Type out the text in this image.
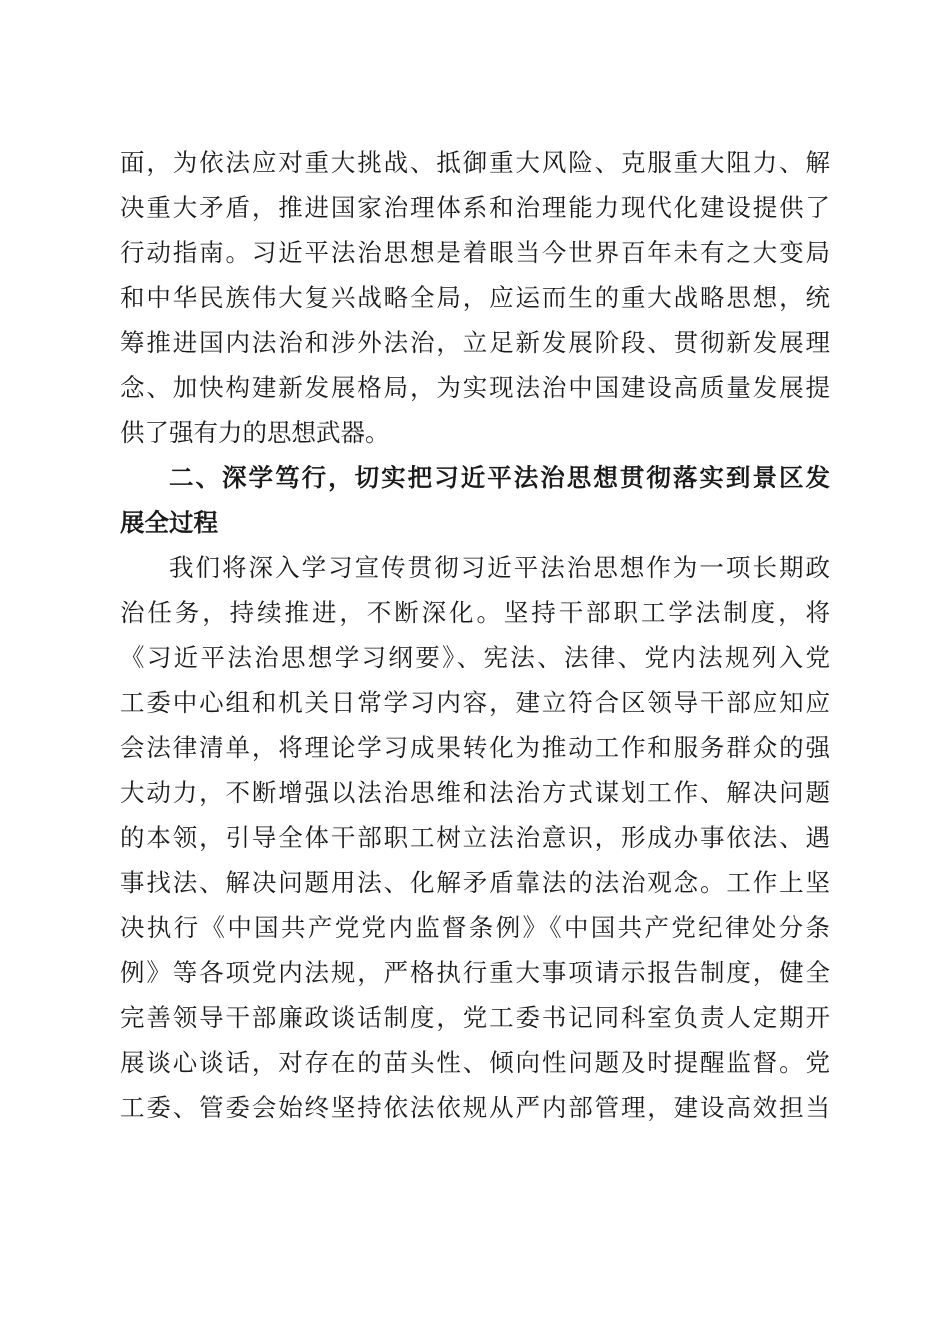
面，为依法应对重大挑战、抵御重大风险、克服重大阻力、解
决重大矛盾，推进国家治理体系和治理能力现代化建设提供了
行动指南。习近平法治思想是着眼当今世界百年未有之大变局
和中华民族伟大复兴战略全局，应运而生的重大战略思想，统
筹推进国内法治和涉外法治，立足新发展阶段、贯彻新发展理
念、加快构建新发展格局，为实现法治中国建设高质量发展提
供了强有力的思想武器。
二、深学笃行，切实把习近平法治思想贯彻落实到景区发
展全过程
我们将深入学习宣传贯彻习近平法治思想作为一项长期政
治任务，持续推进，不断深化。坚持干部职工学法制度，将
《习近平法治思想学习纲要》、宪法、法律、党内法规列入党
工委中心组和机关日常学习内容，建立符合区领导干部应知应
会法律清单，将理论学习成果转化为推动工作和服务群众的强
大动力，不断增强以法治思维和法治方式谋划工作、解决问题
的本领，引导全体干部职工树立法治意识，形成办事依法、遇
事找法、解决问题用法、化解矛盾靠法的法治观念。工作上坚
决执行《中国共产党党内监督条例》《中国共产党纪律处分条
例》等各项党内法规，严格执行重大事项请示报告制度，健全
完善领导干部廉政谈话制度，党工委书记同科室负责人定期开
展谈心谈话，对存在的苗头性、倾向性问题及时提醒监督。党
工委、管委会始终坚持依法依规从严内部管理，建设高效担当
